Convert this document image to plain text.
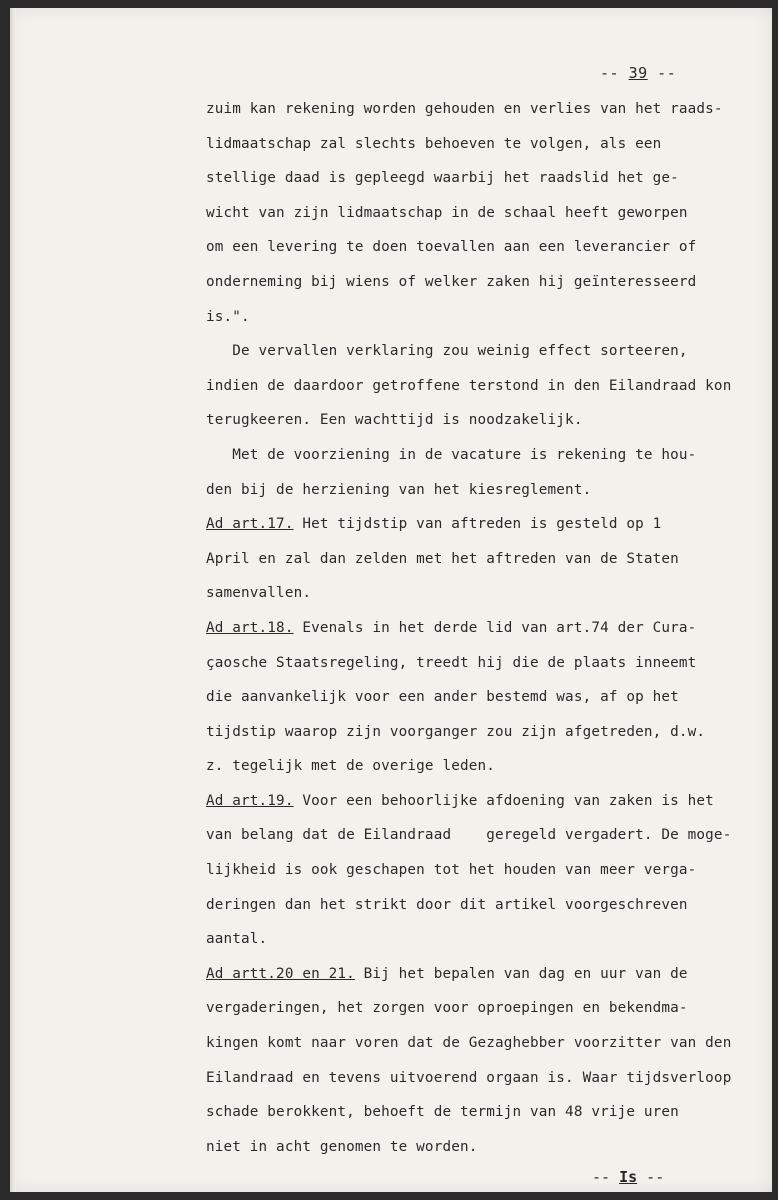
-- 39 --
zuim kan rekening worden gehouden en verlies van het raads-
lidmaatschap zal slechts behoeven te volgen, als een
stellige daad is gepleegd waarbij het raadslid het ge-
wicht van zijn lidmaatschap in de schaal heeft geworpen
om een levering te doen toevallen aan een leverancier of
onderneming bij wiens of welker zaken hij geïnteresseerd
is.".
De vervallen verklaring zou weinig effect sorteeren,
indien de daardoor getroffene terstond in den Eilandraad kon
terugkeeren. Een wachttijd is noodzakelijk.
Met de voorziening in de vacature is rekening te hou-
den bij de herziening van het kiesreglement.
Ad art.17. Het tijdstip van aftreden is gesteld op 1
April en zal dan zelden met het aftreden van de Staten
samenvallen.
Ad art.18. Evenals in het derde lid van art.74 der Cura-
çaosche Staatsregeling, treedt hij die de plaats inneemt
die aanvankelijk voor een ander bestemd was, af op het
tijdstip waarop zijn voorganger zou zijn afgetreden, d.w.
z. tegelijk met de overige leden.
Ad art.19. Voor een behoorlijke afdoening van zaken is het
van belang dat de Eilandraad    geregeld vergadert. De moge-
lijkheid is ook geschapen tot het houden van meer verga-
deringen dan het strikt door dit artikel voorgeschreven
aantal.
Ad artt.20 en 21. Bij het bepalen van dag en uur van de
vergaderingen, het zorgen voor oproepingen en bekendma-
kingen komt naar voren dat de Gezaghebber voorzitter van den
Eilandraad en tevens uitvoerend orgaan is. Waar tijdsverloop
schade berokkent, behoeft de termijn van 48 vrije uren
niet in acht genomen te worden.
-- Is --
